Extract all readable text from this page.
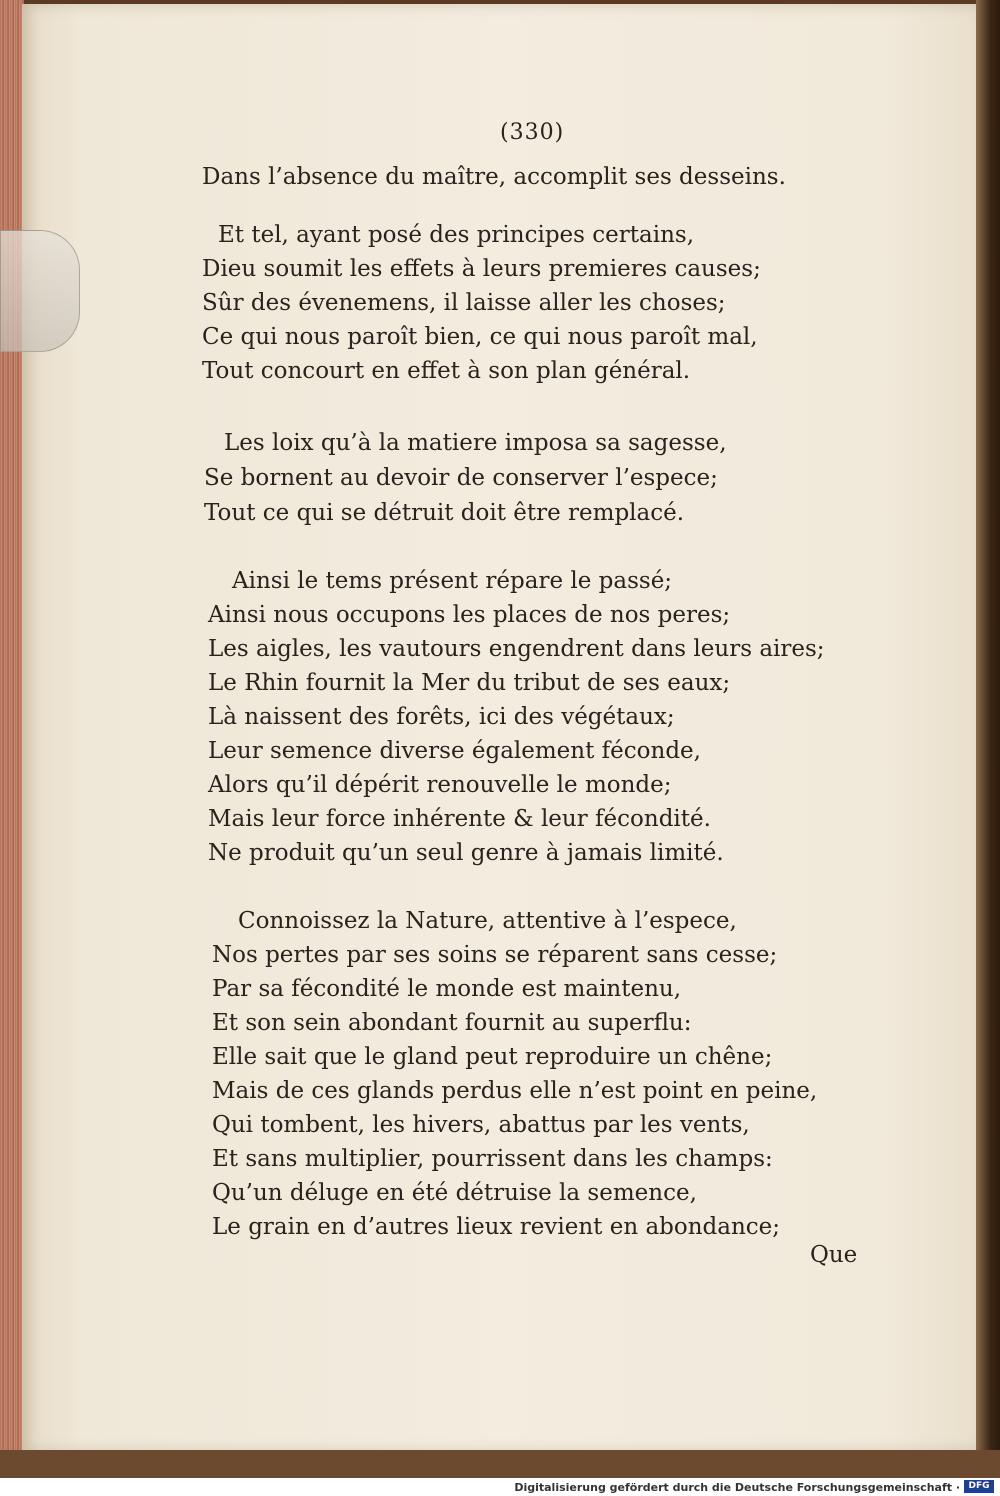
(330)
Dans l’absence du maître, accomplit ses desseins.
Et tel, ayant posé des principes certains,
Dieu soumit les effets à leurs premieres causes;
Sûr des évenemens, il laisse aller les choses;
Ce qui nous paroît bien, ce qui nous paroît mal,
Tout concourt en effet à son plan général.
Les loix qu’à la matiere imposa sa sagesse,
Se bornent au devoir de conserver l’espece;
Tout ce qui se détruit doit être remplacé.
Ainsi le tems présent répare le passé;
Ainsi nous occupons les places de nos peres;
Les aigles, les vautours engendrent dans leurs aires;
Le Rhin fournit la Mer du tribut de ses eaux;
Là naissent des forêts, ici des végétaux;
Leur semence diverse également féconde,
Alors qu’il dépérit renouvelle le monde;
Mais leur force inhérente & leur fécondité.
Ne produit qu’un seul genre à jamais limité.
Connoissez la Nature, attentive à l’espece,
Nos pertes par ses soins se réparent sans cesse;
Par sa fécondité le monde est maintenu,
Et son sein abondant fournit au superflu:
Elle sait que le gland peut reproduire un chêne;
Mais de ces glands perdus elle n’est point en peine,
Qui tombent, les hivers, abattus par les vents,
Et sans multiplier, pourrissent dans les champs:
Qu’un déluge en été détruise la semence,
Le grain en d’autres lieux revient en abondance;
Que
Digitalisierung gefördert durch die Deutsche Forschungsgemeinschaft · DFG
